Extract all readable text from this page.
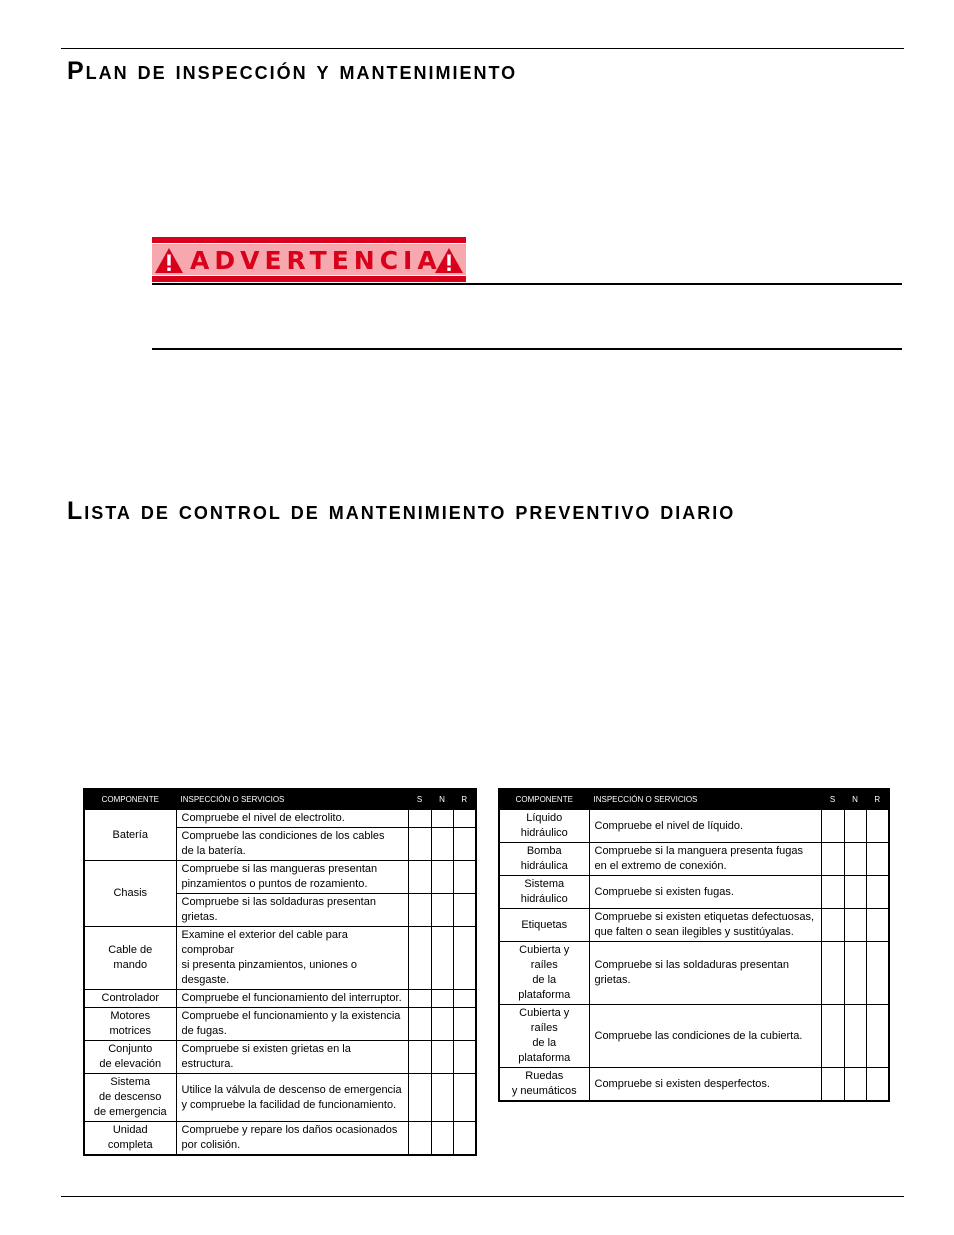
Plan de inspección y mantenimiento
ADVERTENCIA
Lista de control de mantenimiento preventivo diario
COMPONENTE	INSPECCIÓN O SERVICIOS	S	N	R
Batería	Compruebe el nivel de electrolito.			
	Compruebe las condiciones de los cables
de la batería.			
Chasis	Compruebe si las mangueras presentan
pinzamientos o puntos de rozamiento.			
	Compruebe si las soldaduras presentan grietas.			
Cable de mando	Examine el exterior del cable para comprobar
si presenta pinzamientos, uniones o desgaste.			
Controlador	Compruebe el funcionamiento del interruptor.			
Motores motrices	Compruebe el funcionamiento y la existencia
de fugas.			
Conjunto
de elevación	Compruebe si existen grietas en la estructura.			
Sistema
de descenso
de emergencia	Utilice la válvula de descenso de emergencia
y compruebe la facilidad de funcionamiento.			
Unidad completa	Compruebe y repare los daños ocasionados
por colisión.			
COMPONENTE	INSPECCIÓN O SERVICIOS	S	N	R
Líquido hidráulico	Compruebe el nivel de líquido.			
Bomba hidráulica	Compruebe si la manguera presenta fugas
en el extremo de conexión.			
Sistema
hidráulico	Compruebe si existen fugas.			
Etiquetas	Compruebe si existen etiquetas defectuosas,
que falten o sean ilegibles y sustitúyalas.			
Cubierta y raíles
de la plataforma	Compruebe si las soldaduras presentan grietas.			
Cubierta y raíles
de la plataforma	Compruebe las condiciones de la cubierta.			
Ruedas
y neumáticos	Compruebe si existen desperfectos.			
